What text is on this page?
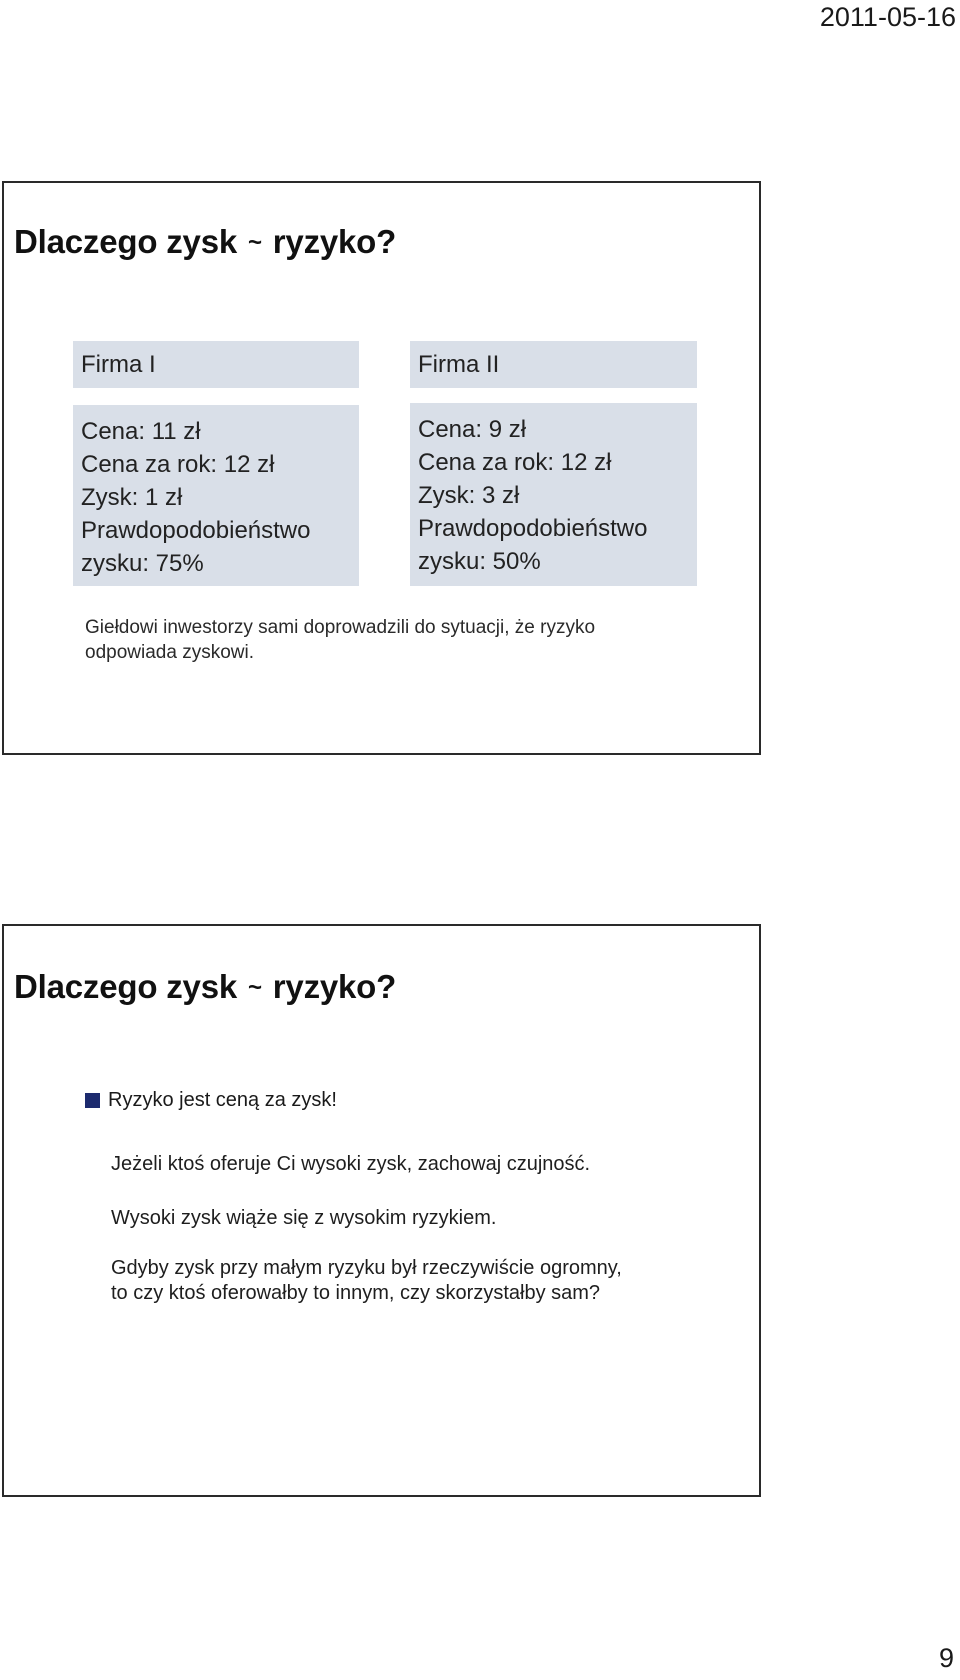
2011-05-16
Dlaczego zysk ~ ryzyko?
Firma I	Firma II
Cena: 11 zł
Cena za rok: 12 zł
Zysk: 1 zł
Prawdopodobieństwo
zysku: 75%
Cena: 9 zł
Cena za rok: 12 zł
Zysk: 3 zł
Prawdopodobieństwo
zysku: 50%
Giełdowi inwestorzy sami doprowadzili do sytuacji, że ryzyko
odpowiada zyskowi.
Dlaczego zysk ~ ryzyko?
Ryzyko jest ceną za zysk!
Jeżeli ktoś oferuje Ci wysoki zysk, zachowaj czujność.
Wysoki zysk wiąże się z wysokim ryzykiem.
Gdyby zysk przy małym ryzyku był rzeczywiście ogromny,
to czy ktoś oferowałby to innym, czy skorzystałby sam?
9
